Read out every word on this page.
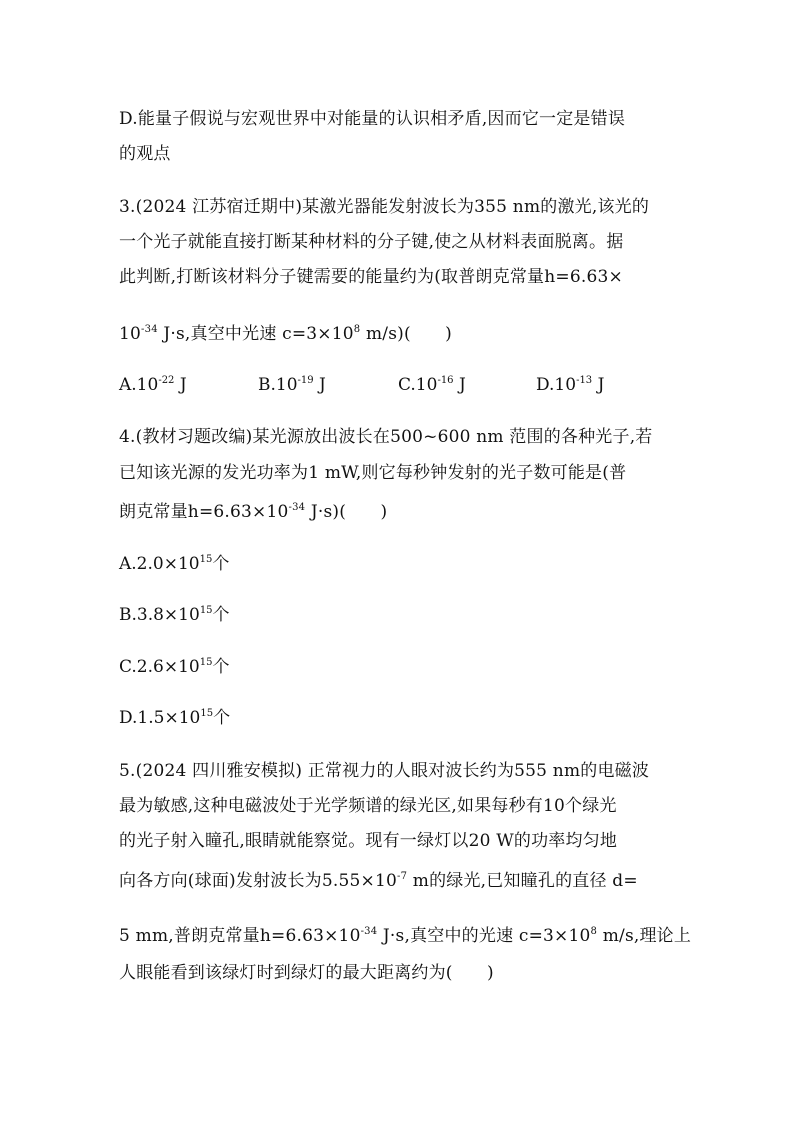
D.能量子假说与宏观世界中对能量的认识相矛盾,因而它一定是错误
的观点
3.(2024 江苏宿迁期中)某激光器能发射波长为355 nm的激光,该光的
一个光子就能直接打断某种材料的分子键,使之从材料表面脱离。据
此判断,打断该材料分子键需要的能量约为(取普朗克常量h=6.63×
$10^{-34}$ J·s,真空中光速 $c=3\times 10^8$ m/s)(　　)
$A.10^{-22}$ J	$B.10^{-19}$ J	$C.10^{-16}$ J	$D.10^{-13}$ J
4.(教材习题改编)某光源放出波长在500~600 nm 范围的各种光子,若
已知该光源的发光功率为1 mW,则它每秒钟发射的光子数可能是(普
朗克常量$h=6.63\times 10^{-34}$ J·s)(　　)
$A.2.0\times 10^{15}$个
$B.3.8\times 10^{15}$个
$C.2.6\times 10^{15}$个
$D.1.5\times 10^{15}$个
5.(2024 四川雅安模拟) 正常视力的人眼对波长约为555 nm的电磁波
最为敏感,这种电磁波处于光学频谱的绿光区,如果每秒有10个绿光
的光子射入瞳孔,眼睛就能察觉。现有一绿灯以20 W的功率均匀地
向各方向(球面)发射波长为$5.55\times 10^{-7}$ m的绿光,已知瞳孔的直径 d=
5 mm,普朗克常量$h=6.63\times 10^{-34}$ J·s,真空中的光速 $c=3\times 10^8$ m/s,理论上
人眼能看到该绿灯时到绿灯的最大距离约为(　　)
